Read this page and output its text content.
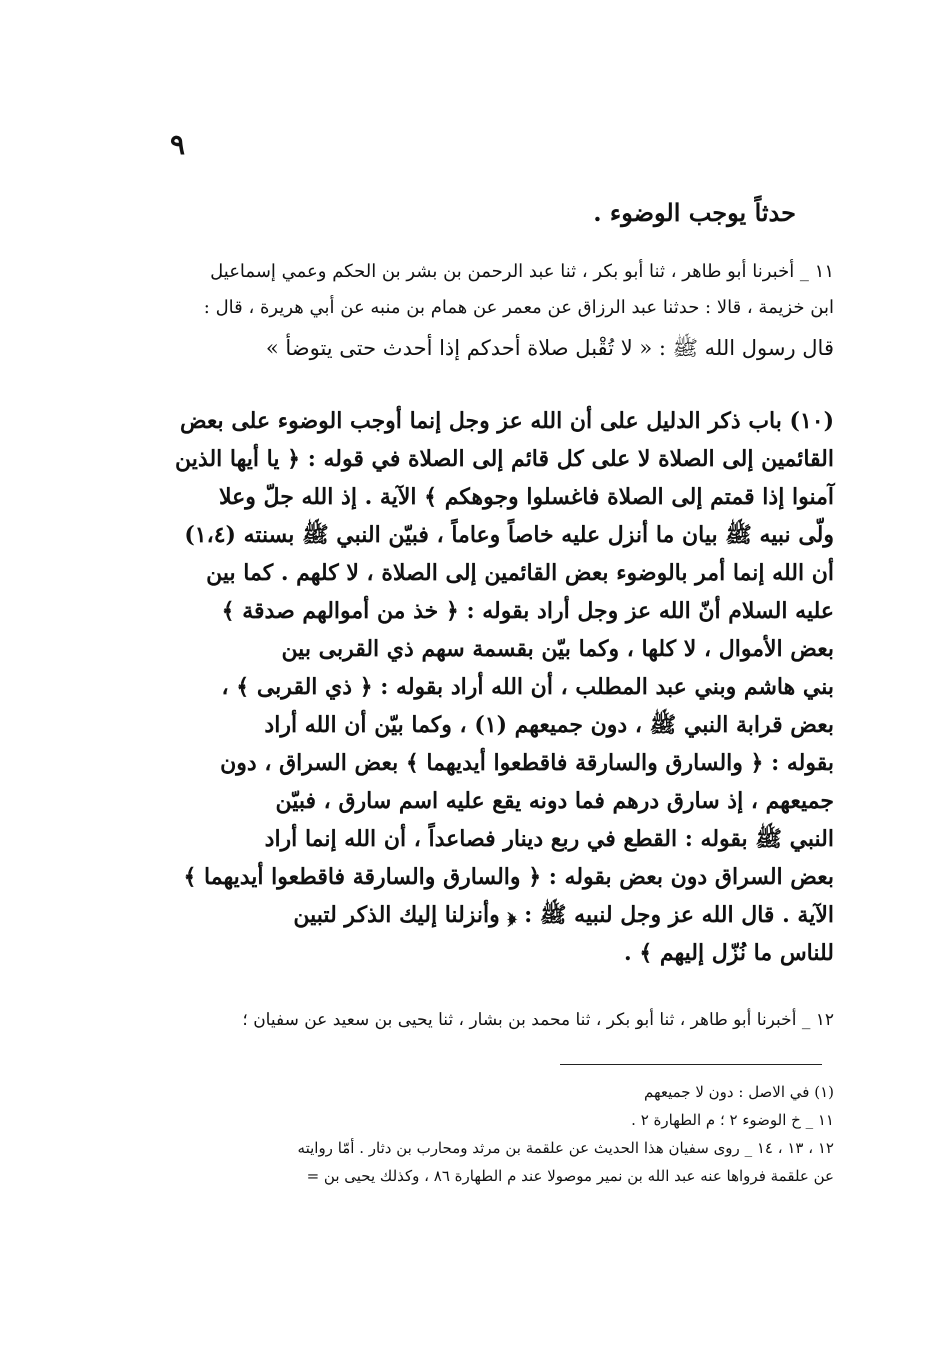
٩
حدثاً يوجب الوضوء .
١١ _ أخبرنا أبو طاهر ، ثنا أبو بكر ، ثنا عبد الرحمن بن بشر بن الحكم وعمي إسماعيل
ابن خزيمة ، قالا : حدثنا عبد الرزاق عن معمر عن همام بن منبه عن أبي هريرة ، قال :
قال رسول الله ﷺ : « لا تُقْبل صلاة أحدكم إذا أحدث حتى يتوضأ »
(١٠) باب ذكر الدليل على أن الله عز وجل إنما أوجب الوضوء على بعض
القائمين إلى الصلاة لا على كل قائم إلى الصلاة في قوله : ﴿ يا أيها الذين
آمنوا إذا قمتم إلى الصلاة فاغسلوا وجوهكم ﴾ الآية . إذ الله جلّ وعلا
ولّى نبيه ﷺ بيان ما أنزل عليه خاصاً وعاماً ، فبيّن النبي ﷺ بسنته (١،٤)
أن الله إنما أمر بالوضوء بعض القائمين إلى الصلاة ، لا كلهم . كما بين
عليه السلام أنّ الله عز وجل أراد بقوله : ﴿ خذ من أموالهم صدقة ﴾
بعض الأموال ، لا كلها ، وكما بيّن بقسمة سهم ذي القربى بين
بني هاشم وبني عبد المطلب ، أن الله أراد بقوله : ﴿ ذي القربى ﴾ ،
بعض قرابة النبي ﷺ ، دون جميعهم (١) ، وكما بيّن أن الله أراد
بقوله : ﴿ والسارق والسارقة فاقطعوا أيديهما ﴾ بعض السراق ، دون
جميعهم ، إذ سارق درهم فما دونه يقع عليه اسم سارق ، فبيّن
النبي ﷺ بقوله : القطع في ربع دينار فصاعداً ، أن الله إنما أراد
بعض السراق دون بعض بقوله : ﴿ والسارق والسارقة فاقطعوا أيديهما ﴾
الآية . قال الله عز وجل لنبيه ﷺ : ﴿ وأنزلنا إليك الذكر لتبين
للناس ما نُزّل إليهم ﴾ .
١٢ _ أخبرنا أبو طاهر ، ثنا أبو بكر ، ثنا محمد بن بشار ، ثنا يحيى بن سعيد عن سفيان ؛
(١) في الاصل : دون لا جميعهم
١١ _ خ الوضوء ٢ ؛ م الطهارة ٢ .
١٢ ، ١٣ ، ١٤ _ روى سفيان هذا الحديث عن علقمة بن مرثد ومحارب بن دثار . أمّا روايته
عن علقمة فرواها عنه عبد الله بن نمير موصولا عند م الطهارة ٨٦ ، وكذلك يحيى بن =
